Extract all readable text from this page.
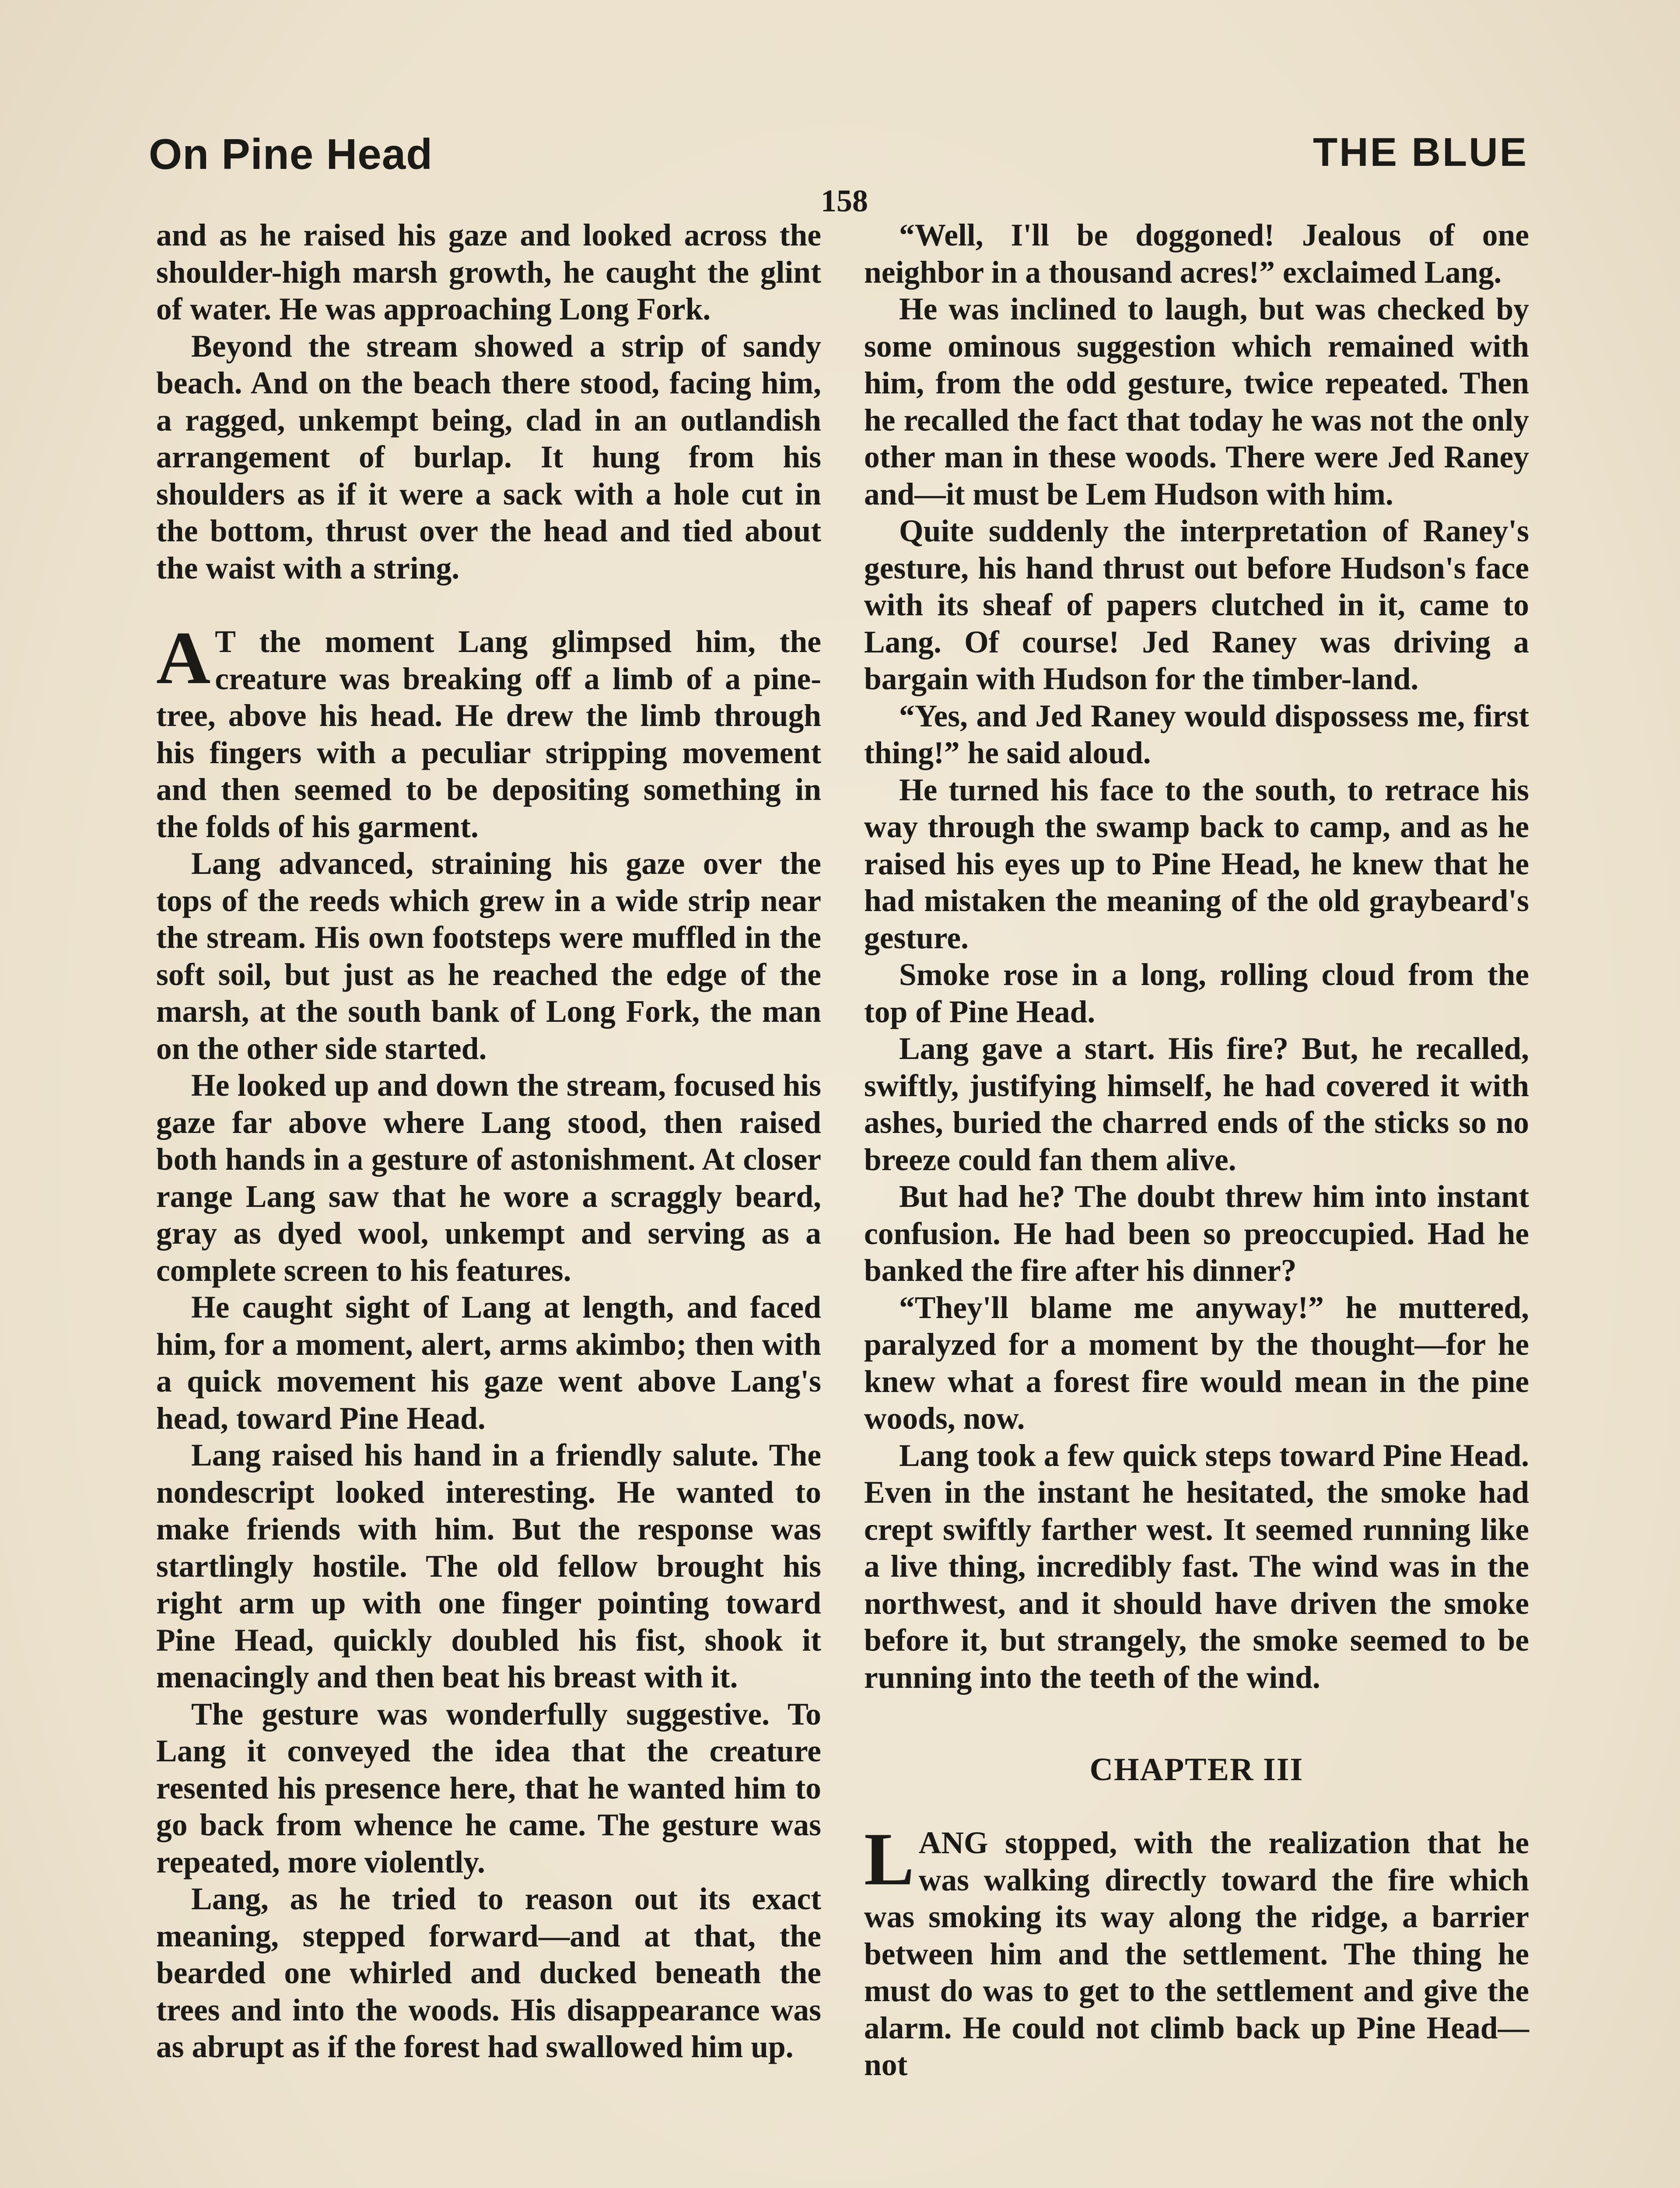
On Pine Head	THE BLUE
158

and as he raised his gaze and looked across the shoulder-high marsh growth, he caught the glint of water. He was approaching Long Fork.

Beyond the stream showed a strip of sandy beach. And on the beach there stood, facing him, a ragged, unkempt being, clad in an outlandish arrangement of burlap. It hung from his shoulders as if it were a sack with a hole cut in the bottom, thrust over the head and tied about the waist with a string.

A T the moment Lang glimpsed him, the creature was breaking off a limb of a pine-tree, above his head. He drew the limb through his fingers with a peculiar stripping movement and then seemed to be depositing something in the folds of his garment.

Lang advanced, straining his gaze over the tops of the reeds which grew in a wide strip near the stream. His own footsteps were muffled in the soft soil, but just as he reached the edge of the marsh, at the south bank of Long Fork, the man on the other side started.

He looked up and down the stream, focused his gaze far above where Lang stood, then raised both hands in a gesture of astonishment. At closer range Lang saw that he wore a scraggly beard, gray as dyed wool, unkempt and serving as a complete screen to his features.

He caught sight of Lang at length, and faced him, for a moment, alert, arms akimbo; then with a quick movement his gaze went above Lang's head, toward Pine Head.

Lang raised his hand in a friendly salute. The nondescript looked interesting. He wanted to make friends with him. But the response was startlingly hostile. The old fellow brought his right arm up with one finger pointing toward Pine Head, quickly doubled his fist, shook it menacingly and then beat his breast with it.

The gesture was wonderfully suggestive. To Lang it conveyed the idea that the creature resented his presence here, that he wanted him to go back from whence he came. The gesture was repeated, more violently.

Lang, as he tried to reason out its exact meaning, stepped forward—and at that, the bearded one whirled and ducked beneath the trees and into the woods. His disappearance was as abrupt as if the forest had swallowed him up.

“Well, I'll be doggoned! Jealous of one neighbor in a thousand acres!” exclaimed Lang.

He was inclined to laugh, but was checked by some ominous suggestion which remained with him, from the odd gesture, twice repeated. Then he recalled the fact that today he was not the only other man in these woods. There were Jed Raney and—it must be Lem Hudson with him.

Quite suddenly the interpretation of Raney's gesture, his hand thrust out before Hudson's face with its sheaf of papers clutched in it, came to Lang. Of course! Jed Raney was driving a bargain with Hudson for the timber-land.

“Yes, and Jed Raney would dispossess me, first thing!” he said aloud.

He turned his face to the south, to retrace his way through the swamp back to camp, and as he raised his eyes up to Pine Head, he knew that he had mistaken the meaning of the old graybeard's gesture.

Smoke rose in a long, rolling cloud from the top of Pine Head.

Lang gave a start. His fire? But, he recalled, swiftly, justifying himself, he had covered it with ashes, buried the charred ends of the sticks so no breeze could fan them alive.

But had he? The doubt threw him into instant confusion. He had been so preoccupied. Had he banked the fire after his dinner?

“They'll blame me anyway!” he muttered, paralyzed for a moment by the thought—for he knew what a forest fire would mean in the pine woods, now.

Lang took a few quick steps toward Pine Head. Even in the instant he hesitated, the smoke had crept swiftly farther west. It seemed running like a live thing, incredibly fast. The wind was in the northwest, and it should have driven the smoke before it, but strangely, the smoke seemed to be running into the teeth of the wind.

CHAPTER III

LANG stopped, with the realization that he was walking directly toward the fire which was smoking its way along the ridge, a barrier between him and the settlement. The thing he must do was to get to the settlement and give the alarm. He could not climb back up Pine Head—not
